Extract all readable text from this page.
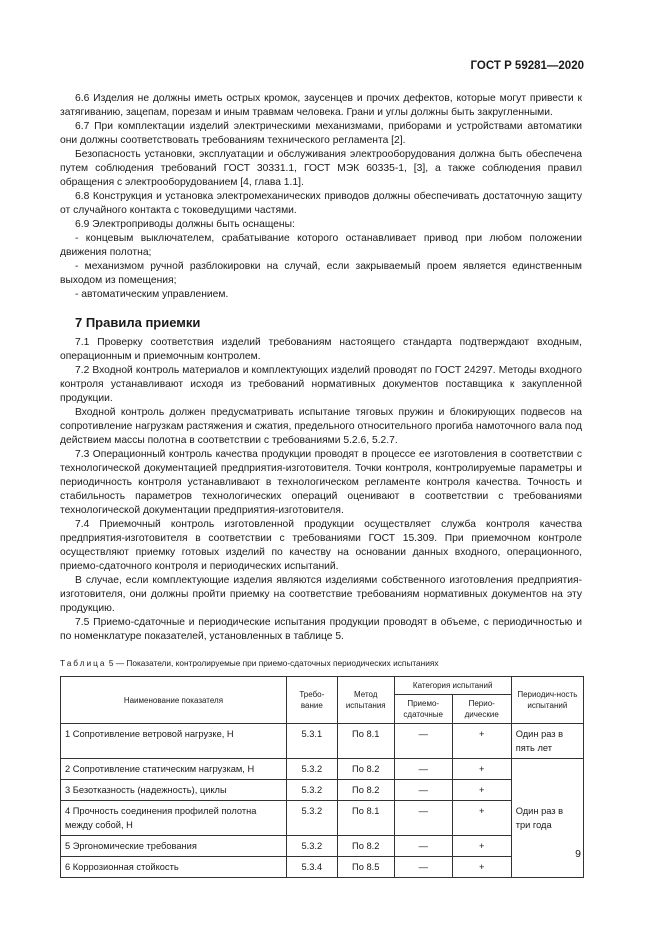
ГОСТ Р 59281—2020

6.6 Изделия не должны иметь острых кромок, заусенцев и прочих дефектов, которые могут привести к затягиванию, зацепам, порезам и иным травмам человека. Грани и углы должны быть закругленными.

6.7 При комплектации изделий электрическими механизмами, приборами и устройствами автоматики они должны соответствовать требованиям технического регламента [2].

Безопасность установки, эксплуатации и обслуживания электрооборудования должна быть обеспечена путем соблюдения требований ГОСТ 30331.1, ГОСТ МЭК 60335-1, [3], а также соблюдения правил обращения с электрооборудованием [4, глава 1.1].

6.8 Конструкция и установка электромеханических приводов должны обеспечивать достаточную защиту от случайного контакта с токоведущими частями.

6.9 Электроприводы должны быть оснащены:

- концевым выключателем, срабатывание которого останавливает привод при любом положении движения полотна;

- механизмом ручной разблокировки на случай, если закрываемый проем является единственным выходом из помещения;

- автоматическим управлением.

7 Правила приемки

7.1 Проверку соответствия изделий требованиям настоящего стандарта подтверждают входным, операционным и приемочным контролем.

7.2 Входной контроль материалов и комплектующих изделий проводят по ГОСТ 24297. Методы входного контроля устанавливают исходя из требований нормативных документов поставщика к закупленной продукции.

Входной контроль должен предусматривать испытание тяговых пружин и блокирующих подвесов на сопротивление нагрузкам растяжения и сжатия, предельного относительного прогиба намоточного вала под действием массы полотна в соответствии с требованиями 5.2.6, 5.2.7.

7.3 Операционный контроль качества продукции проводят в процессе ее изготовления в соответствии с технологической документацией предприятия-изготовителя. Точки контроля, контролируемые параметры и периодичность контроля устанавливают в технологическом регламенте контроля качества. Точность и стабильность параметров технологических операций оценивают в соответствии с требованиями технологической документации предприятия-изготовителя.

7.4 Приемочный контроль изготовленной продукции осуществляет служба контроля качества предприятия-изготовителя в соответствии с требованиями ГОСТ 15.309. При приемочном контроле осуществляют приемку готовых изделий по качеству на основании данных входного, операционного, приемо-сдаточного контроля и периодических испытаний.

В случае, если комплектующие изделия являются изделиями собственного изготовления предприятия-изготовителя, они должны пройти приемку на соответствие требованиям нормативных документов на эту продукцию.

7.5 Приемо-сдаточные и периодические испытания продукции проводят в объеме, с периодичностью и по номенклатуре показателей, установленных в таблице 5.

Таблица 5 — Показатели, контролируемые при приемо-сдаточных периодических испытаниях
Наименование показателя	Требо-вание	Метод испытания	Категория испытаний		Периодич-ность испытаний
			Приемо-сдаточные	Перио-дические	
1 Сопротивление ветровой нагрузке, Н	5.3.1	По 8.1	—	+	Один раз в пять лет
2 Сопротивление статическим нагрузкам, Н	5.3.2	По 8.2	—	+	Один раз в три года
3 Безотказность (надежность), циклы	5.3.2	По 8.2	—	+	
4 Прочность соединения профилей полотна между собой, Н	5.3.2	По 8.1	—	+	
5 Эргономические требования	5.3.2	По 8.2	—	+	
6 Коррозионная стойкость	5.3.4	По 8.5	—	+	
9
